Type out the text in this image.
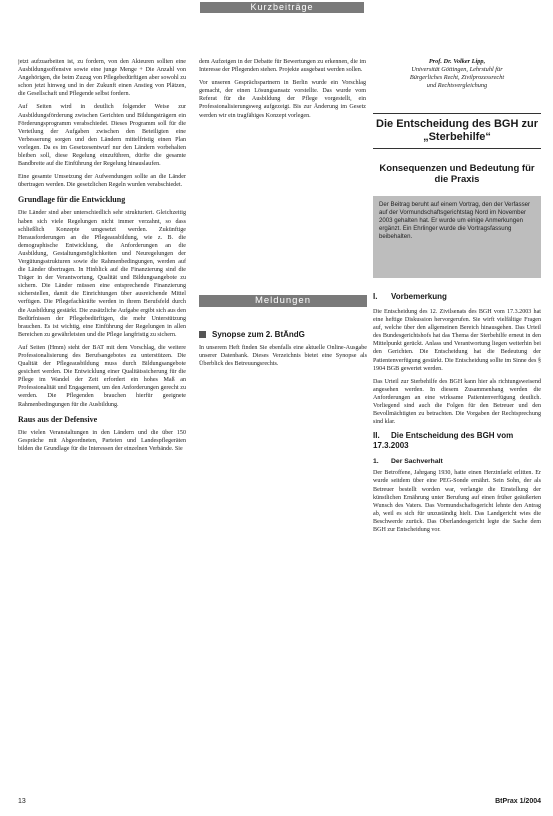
Kurzbeiträge

jetzt aufzuarbeiten ist, zu fordern, von den Akteuren sollten eine Ausbildungsoffensive sowie eine junge Menge + Die Anzahl von Angehörigen, die beim Zuzug von Pflegebedürftigen aber sowohl zu schon jetzt hinweg und in der Zukunft einen Anstieg von Plätzen, die Gesellschaft und Pflegende selbst fordern.

Auf Seiten wird in deutlich folgender Weise zur Ausbildungsförderung zwischen Gerichten und Bildungsträgern ein Förderungsprogramm verabschiedet. Dieses Programm soll für die Verteilung der Aufgaben zwischen den Beteiligten eine Verbesserung sorgen und den Ländern mittelfristig einen Plan vorlegen. Da es im Gesetzesentwurf nur den Ländern vorbehalten bleiben soll, diese Regelung einzuführen, dürfte die gesamte Bandbreite auf die Einführung der Regelung hinauslaufen.

Eine gesamte Umsetzung der Aufwendungen sollte an die Länder übertragen werden. Die gesetzlichen Regeln wurden verabschiedet.

Grundlage für die Entwicklung

Die Länder sind aber unterschiedlich sehr strukturiert. Gleichzeitig haben sich viele Regelungen nicht immer verzahnt, so dass schließlich Konzepte umgesetzt werden. Zukünftige Herausforderungen an die Pflegeausbildung, wie z. B. die demographische Entwicklung, die Anforderungen an die Ausbildung, Gestaltungsmöglichkeiten und Neuregelungen der Vergütungsstrukturen sowie die Rahmenbedingungen, werden auf die Länder übertragen. In Hinblick auf die Finanzierung sind die Träger in der Verantwortung, Qualität und Bildungsangebote zu sichern. Die Länder müssen eine entsprechende Finanzierung sicherstellen, damit die Einrichtungen über ausreichende Mittel verfügen. Die Pflegefachkräfte werden in ihrem Berufsfeld durch die Ausbildung gestärkt. Die zusätzliche Aufgabe ergibt sich aus den Bedürfnissen der Pflegebedürftigen, die mehr Unterstützung brauchen. Es ist wichtig, eine Einführung der Regelungen in allen Bereichen zu gewährleisten und die Pflege langfristig zu sichern.

Auf Seiten (Hmm) steht der BAT mit dem Vorschlag, die weitere Professionalisierung des Berufsangebotes zu unterstützen. Die Qualität der Pflegeausbildung muss durch Bildungsangebote gesichert werden. Die Entwicklung einer Qualitätssicherung für die Pflege im Wandel der Zeit erfordert ein hohes Maß an Professionalität und Engagement, um den Anforderungen gerecht zu werden. Die Pflegenden brauchen hierfür geeignete Rahmenbedingungen für die Ausbildung.

Raus aus der Defensive

Die vielen Veranstaltungen in den Ländern und die über 150 Gespräche mit Abgeordneten, Parteien und Landespflegeräten bilden die Grundlage für die Interessen der einzelnen Verbände. Sie

dem Aufzeigen in der Debatte für Bewertungen zu erkennen, die im Interesse der Pflegenden stehen. Projekte ausgebaut werden sollen.

Vor unseren Gesprächspartnern in Berlin wurde ein Vorschlag gemacht, der einen Lösungsansatz vorstellte. Das wurde vom Referat für die Ausbildung der Pflege vorgestellt, ein Professionalisierungsweg aufgezeigt. Bis zur Änderung im Gesetz werden wir ein tragfähiges Konzept vorlegen.

Meldungen
Synopse zum 2. BtÄndG
In unserem Heft finden Sie ebenfalls eine aktuelle Online-Ausgabe unserer Datenbank. Dieses Verzeichnis bietet eine Synopse als Überblick des Betreuungsrechts.
Prof. Dr. Volker Lipp,
Universität Göttingen, Lehrstuhl für
Bürgerliches Recht, Zivilprozessrecht
und Rechtsvergleichung
Die Entscheidung des BGH zur „Sterbehilfe“
Konsequenzen und Bedeutung für die Praxis
Der Beitrag beruht auf einem Vortrag, den der Verfasser auf der Vormundschaftsgerichtstag Nord im November 2003 gehalten hat. Er wurde um einige Anmerkungen ergänzt. Ein Ehrlinger wurde die Vortragsfassung beibehalten.
I. Vorbemerkung

Die Entscheidung des 12. Zivilsenats des BGH vom 17.3.2003 hat eine heftige Diskussion hervorgerufen. Sie wirft vielfältige Fragen auf, welche über den allgemeinen Bereich hinausgehen. Das Urteil des Bundesgerichtshofs hat das Thema der Sterbehilfe erneut in den Mittelpunkt gerückt. Anlass und Verantwortung liegen weiterhin bei den Gerichten. Die Entscheidung hat die Bedeutung der Patientenverfügung gestärkt. Die Entscheidung sollte im Sinne des § 1904 BGB gewertet werden.

Das Urteil zur Sterbehilfe des BGH kann hier als richtungsweisend angesehen werden. In diesem Zusammenhang werden die Anforderungen an eine wirksame Patientenverfügung deutlich. Vorliegend sind auch die Folgen für den Betreuer und den Bevollmächtigten zu betrachten. Die Vorgaben der Rechtsprechung sind klar.

II. Die Entscheidung des BGH vom 17.3.2003
1. Der Sachverhalt

Der Betroffene, Jahrgang 1930, hatte einen Herzinfarkt erlitten. Er wurde seitdem über eine PEG-Sonde ernährt. Sein Sohn, der als Betreuer bestellt worden war, verlangte die Einstellung der künstlichen Ernährung unter Berufung auf einen früher geäußerten Wunsch des Vaters. Das Vormundschaftsgericht lehnte den Antrag ab, weil es sich für unzuständig hielt. Das Landgericht wies die Beschwerde zurück. Das Oberlandesgericht legte die Sache dem BGH zur Entscheidung vor.

13	BtPrax 1/2004
